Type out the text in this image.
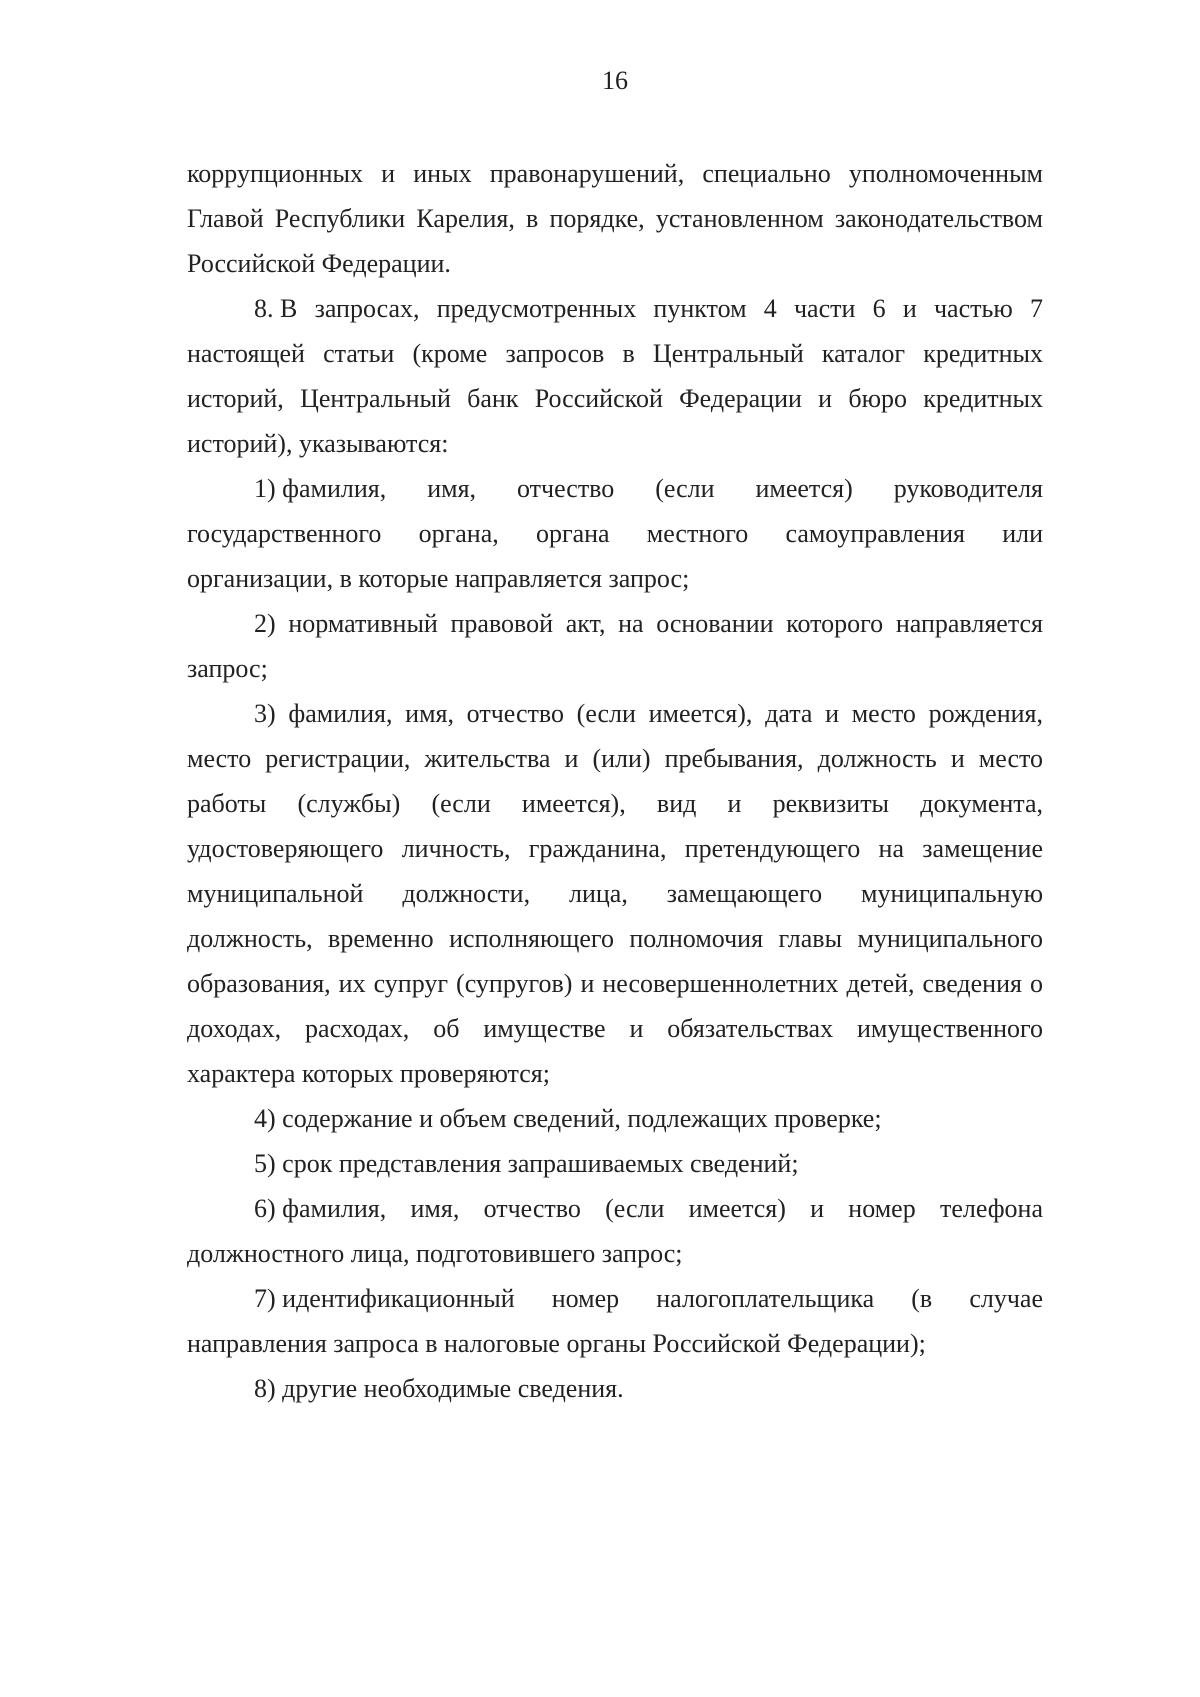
16
коррупционных и иных правонарушений, специально уполномоченным
Главой Республики Карелия, в порядке, установленном законодательством
Российской Федерации.
8. В запросах, предусмотренных пунктом 4 части 6 и частью 7
настоящей статьи (кроме запросов в Центральный каталог кредитных
историй, Центральный банк Российской Федерации и бюро кредитных
историй), указываются:
1) фамилия, имя, отчество (если имеется) руководителя
государственного органа, органа местного самоуправления или
организации, в которые направляется запрос;
2) нормативный правовой акт, на основании которого направляется
запрос;
3) фамилия, имя, отчество (если имеется), дата и место рождения,
место регистрации, жительства и (или) пребывания, должность и место
работы (службы) (если имеется), вид и реквизиты документа,
удостоверяющего личность, гражданина, претендующего на замещение
муниципальной должности, лица, замещающего муниципальную
должность, временно исполняющего полномочия главы муниципального
образования, их супруг (супругов) и несовершеннолетних детей, сведения о
доходах, расходах, об имуществе и обязательствах имущественного
характера которых проверяются;
4) содержание и объем сведений, подлежащих проверке;
5) срок представления запрашиваемых сведений;
6) фамилия, имя, отчество (если имеется) и номер телефона
должностного лица, подготовившего запрос;
7) идентификационный номер налогоплательщика (в случае
направления запроса в налоговые органы Российской Федерации);
8) другие необходимые сведения.
